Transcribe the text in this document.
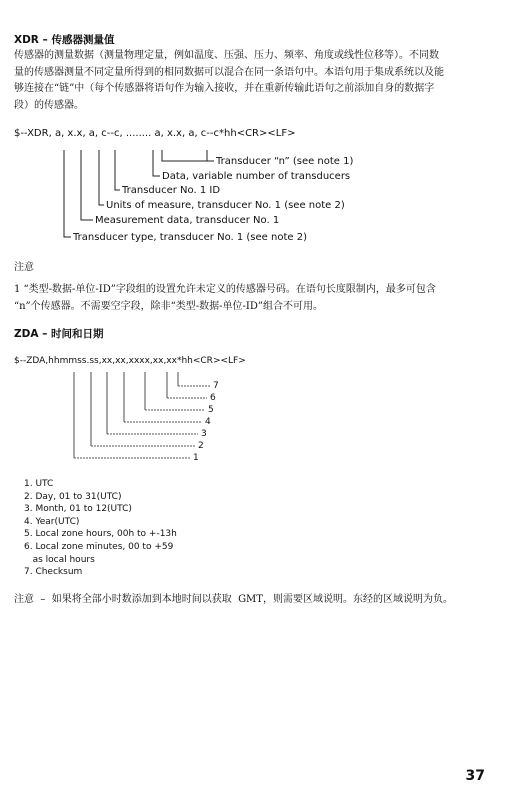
XDR – 传感器测量值
传感器的测量数据（测量物理定量，例如温度、压强、压力、频率、角度或线性位移等）。不同数
量的传感器测量不同定量所得到的相同数据可以混合在同一条语句中。本语句用于集成系统以及能
够连接在“链”中（每个传感器将语句作为输入接收，并在重新传输此语句之前添加自身的数据字
段）的传感器。
$--XDR, a, x.x, a, c--c, ........ a, x.x, a, c--c*hh<CR><LF>
Transducer “n” (see note 1)
Data, variable number of transducers
Transducer No. 1 ID
Units of measure, transducer No. 1 (see note 2)
Measurement data, transducer No. 1
Transducer type, transducer No. 1 (see note 2)
注意
1 “类型-数据-单位-ID”字段组的设置允许未定义的传感器号码。在语句长度限制内，最多可包含
“n”个传感器。不需要空字段，除非“类型-数据-单位-ID”组合不可用。
ZDA – 时间和日期
$--ZDA,hhmmss.ss,xx,xx,xxxx,xx,xx*hh<CR><LF>
7
6
5
4
3
2
1
1. UTC
2. Day, 01 to 31(UTC)
3. Month, 01 to 12(UTC)
4. Year(UTC)
5. Local zone hours, 00h to +-13h
6. Local zone minutes, 00 to +59
as local hours
7. Checksum
注意  –  如果将全部小时数添加到本地时间以获取  GMT，则需要区域说明。东经的区域说明为负。
37
